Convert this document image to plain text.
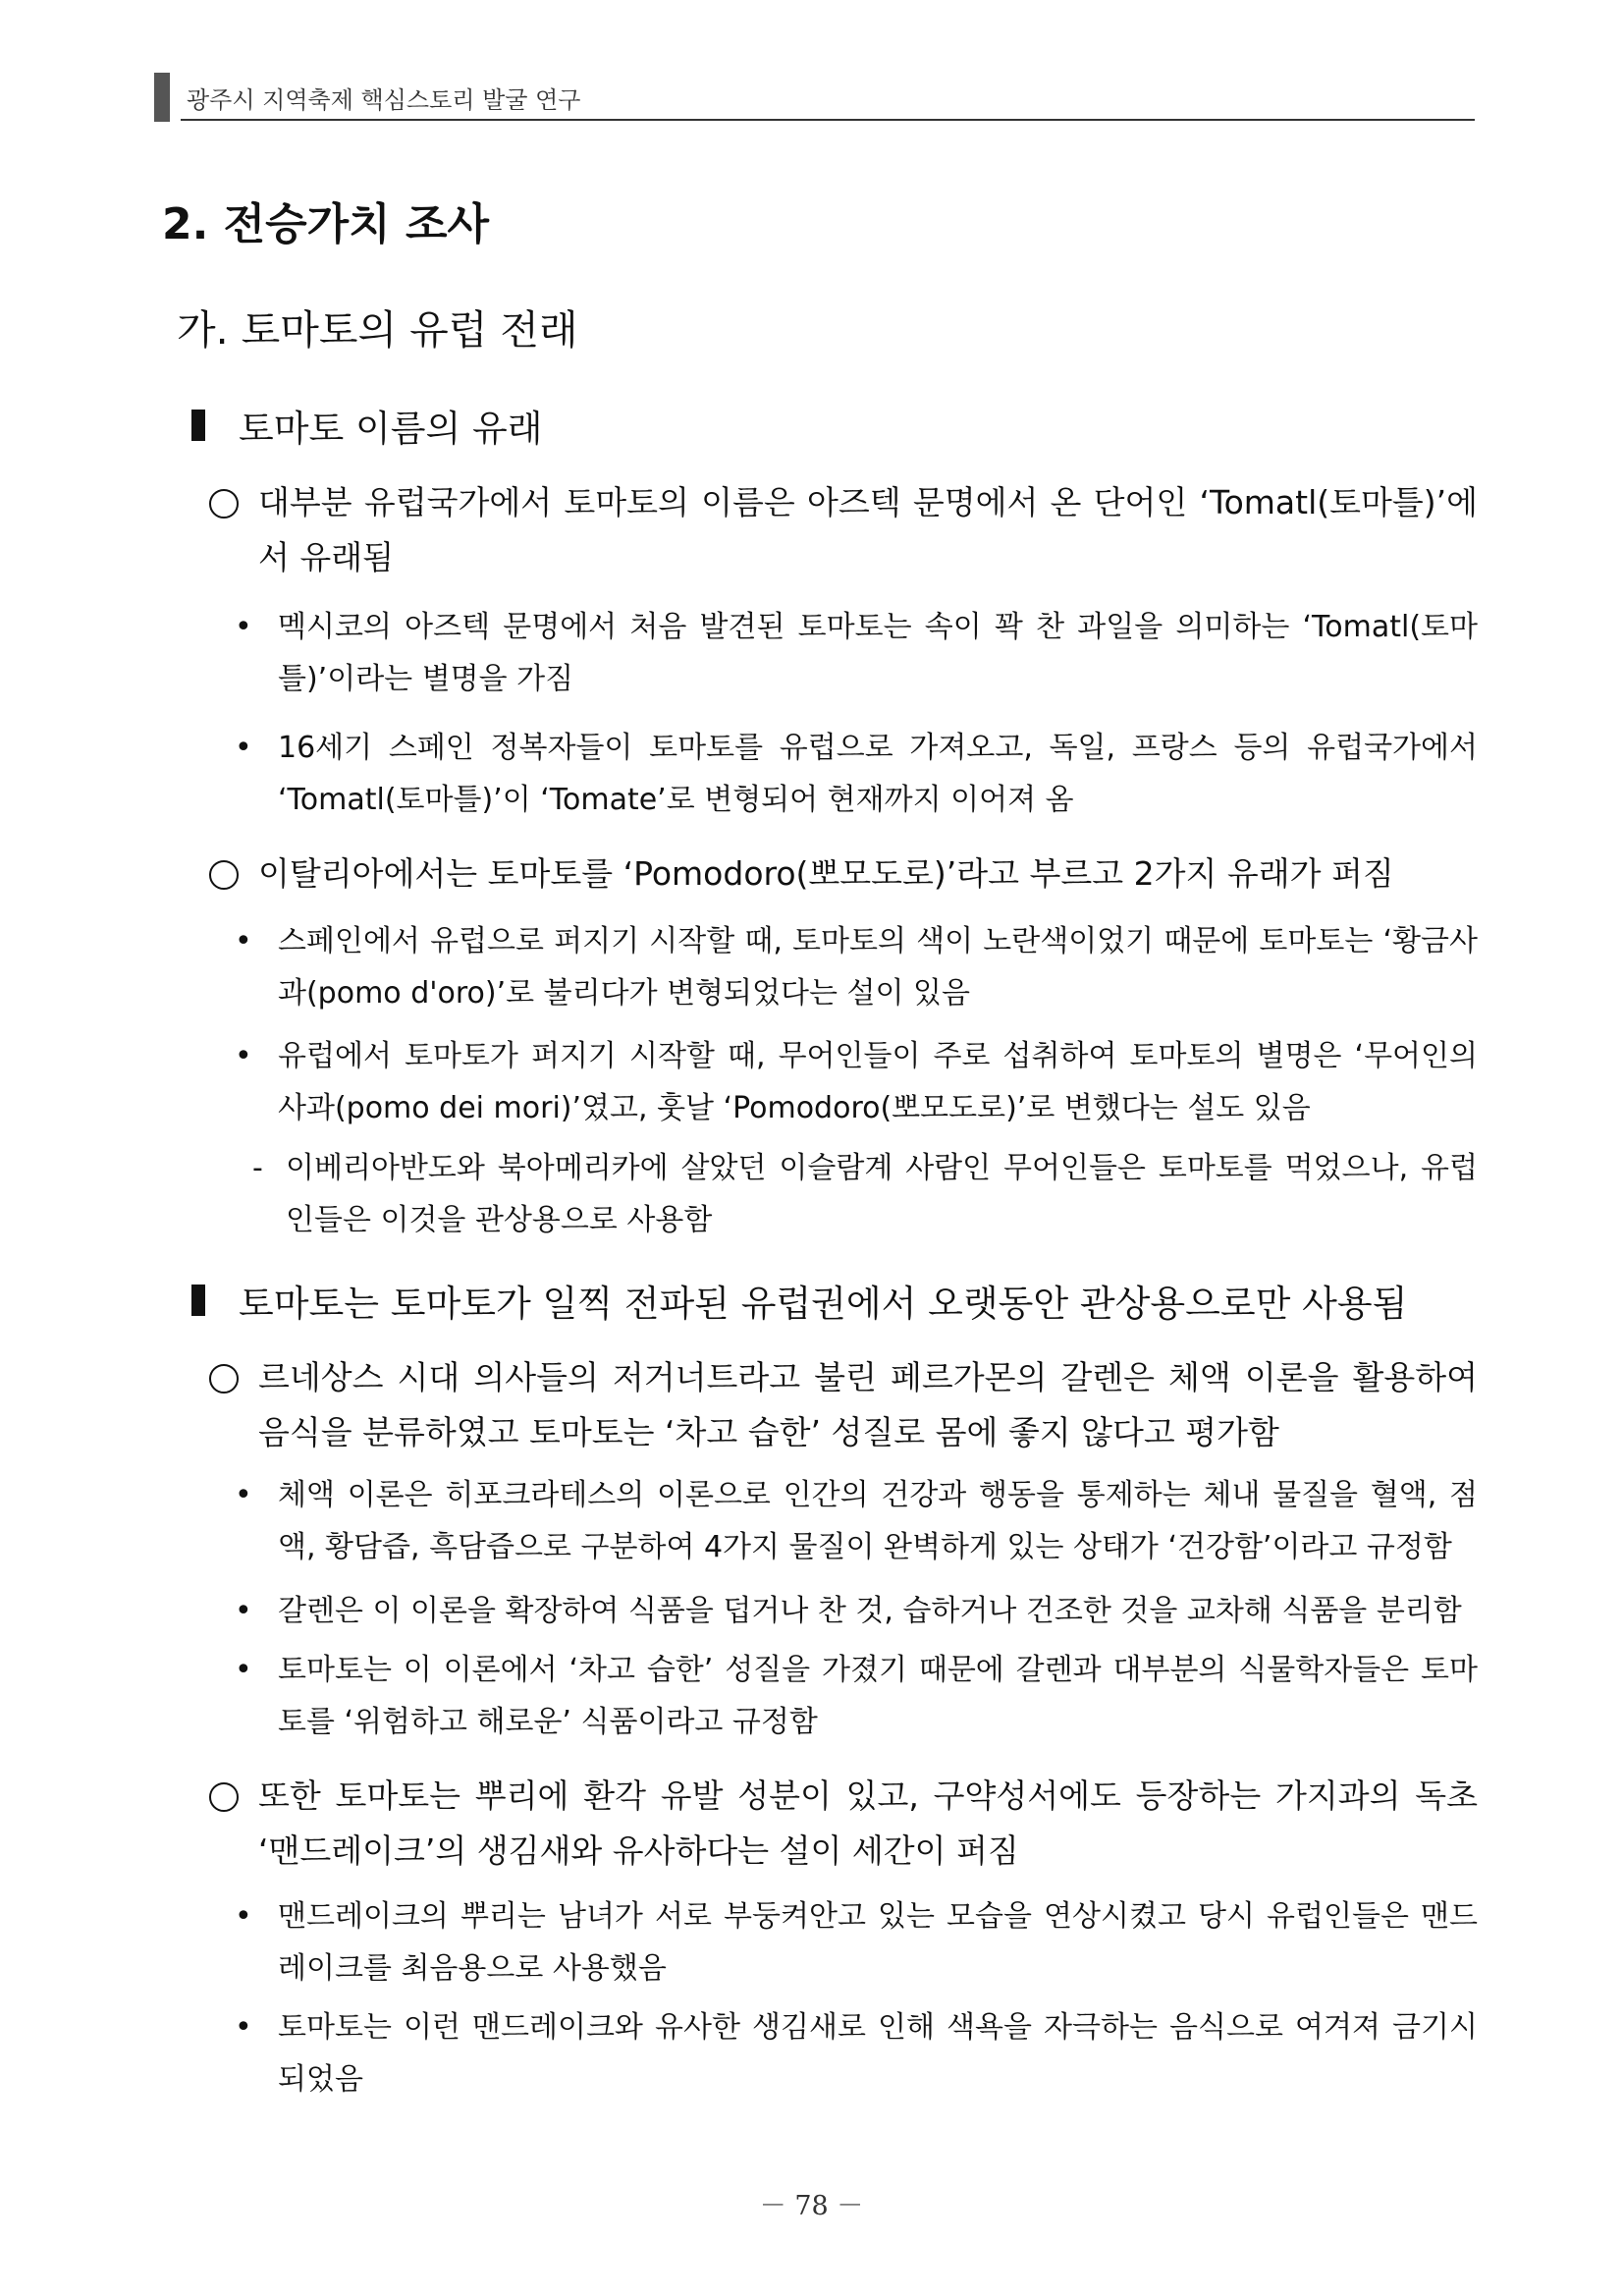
광주시 지역축제 핵심스토리 발굴 연구
2. 전승가치 조사
가. 토마토의 유럽 전래
토마토 이름의 유래
대부분 유럽국가에서 토마토의 이름은 아즈텍 문명에서 온 단어인 ‘Tomatl(토마틀)’에서 유래됨
• 멕시코의 아즈텍 문명에서 처음 발견된 토마토는 속이 꽉 찬 과일을 의미하는 ‘Tomatl(토마틀)’이라는 별명을 가짐
• 16세기 스페인 정복자들이 토마토를 유럽으로 가져오고, 독일, 프랑스 등의 유럽국가에서 ‘Tomatl(토마틀)’이 ‘Tomate’로 변형되어 현재까지 이어져 옴
이탈리아에서는 토마토를 ‘Pomodoro(뽀모도로)’라고 부르고 2가지 유래가 퍼짐
• 스페인에서 유럽으로 퍼지기 시작할 때, 토마토의 색이 노란색이었기 때문에 토마토는 ‘황금사과(pomo d'oro)’로 불리다가 변형되었다는 설이 있음
• 유럽에서 토마토가 퍼지기 시작할 때, 무어인들이 주로 섭취하여 토마토의 별명은 ‘무어인의 사과(pomo dei mori)’였고, 훗날 ‘Pomodoro(뽀모도로)’로 변했다는 설도 있음
- 이베리아반도와 북아메리카에 살았던 이슬람계 사람인 무어인들은 토마토를 먹었으나, 유럽인들은 이것을 관상용으로 사용함
토마토는 토마토가 일찍 전파된 유럽권에서 오랫동안 관상용으로만 사용됨
르네상스 시대 의사들의 저거너트라고 불린 페르가몬의 갈렌은 체액 이론을 활용하여 음식을 분류하였고 토마토는 ‘차고 습한’ 성질로 몸에 좋지 않다고 평가함
• 체액 이론은 히포크라테스의 이론으로 인간의 건강과 행동을 통제하는 체내 물질을 혈액, 점액, 황담즙, 흑담즙으로 구분하여 4가지 물질이 완벽하게 있는 상태가 ‘건강함’이라고 규정함
• 갈렌은 이 이론을 확장하여 식품을 덥거나 찬 것, 습하거나 건조한 것을 교차해 식품을 분리함
• 토마토는 이 이론에서 ‘차고 습한’ 성질을 가졌기 때문에 갈렌과 대부분의 식물학자들은 토마토를 ‘위험하고 해로운’ 식품이라고 규정함
또한 토마토는 뿌리에 환각 유발 성분이 있고, 구약성서에도 등장하는 가지과의 독초 ‘맨드레이크’의 생김새와 유사하다는 설이 세간이 퍼짐
• 맨드레이크의 뿌리는 남녀가 서로 부둥켜안고 있는 모습을 연상시켰고 당시 유럽인들은 맨드레이크를 최음용으로 사용했음
• 토마토는 이런 맨드레이크와 유사한 생김새로 인해 색욕을 자극하는 음식으로 여겨져 금기시 되었음
－ 78 －
